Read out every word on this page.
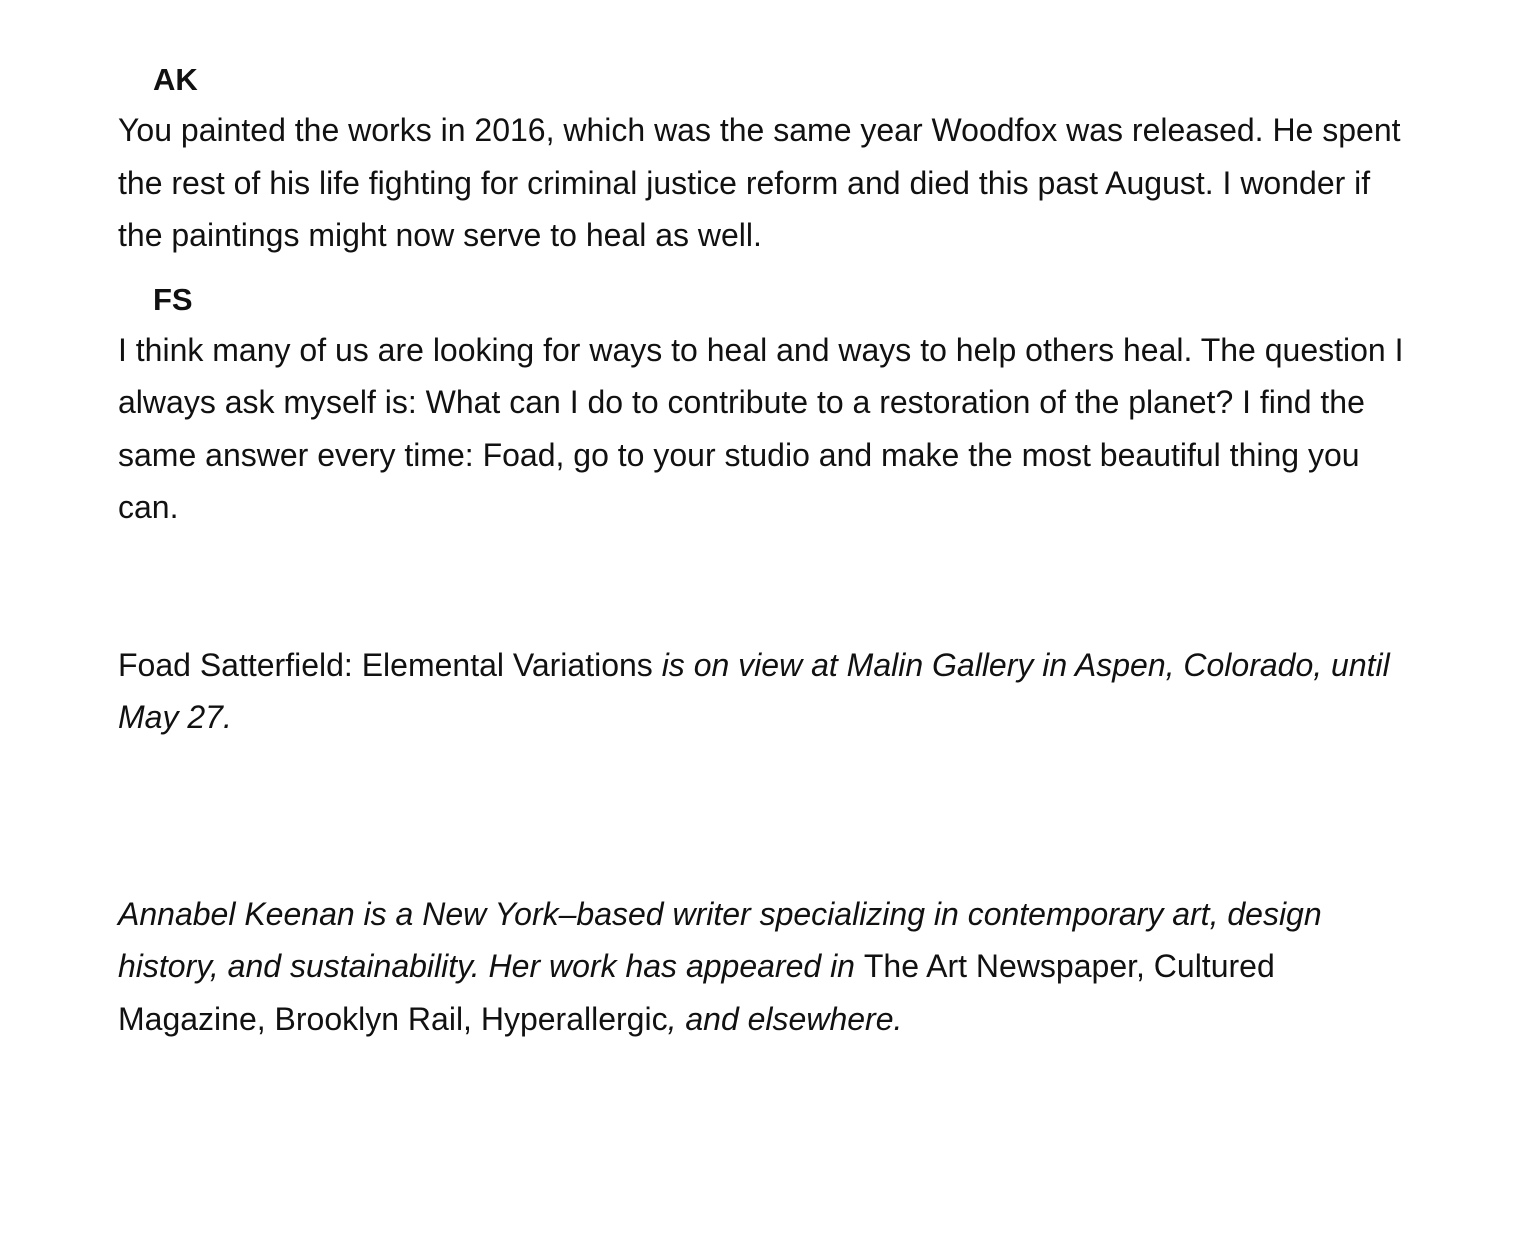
AK

You painted the works in 2016, which was the same year Woodfox was released. He spent the rest of his life fighting for criminal justice reform and died this past August. I wonder if the paintings might now serve to heal as well.

FS

I think many of us are looking for ways to heal and ways to help others heal. The question I always ask myself is: What can I do to contribute to a restoration of the planet? I find the same answer every time: Foad, go to your studio and make the most beautiful thing you can.

Foad Satterfield: Elemental Variations is on view at Malin Gallery in Aspen, Colorado, until May 27.

Annabel Keenan is a New York–based writer specializing in contemporary art, design history, and sustainability. Her work has appeared in The Art Newspaper, Cultured Magazine, Brooklyn Rail, Hyperallergic, and elsewhere.
